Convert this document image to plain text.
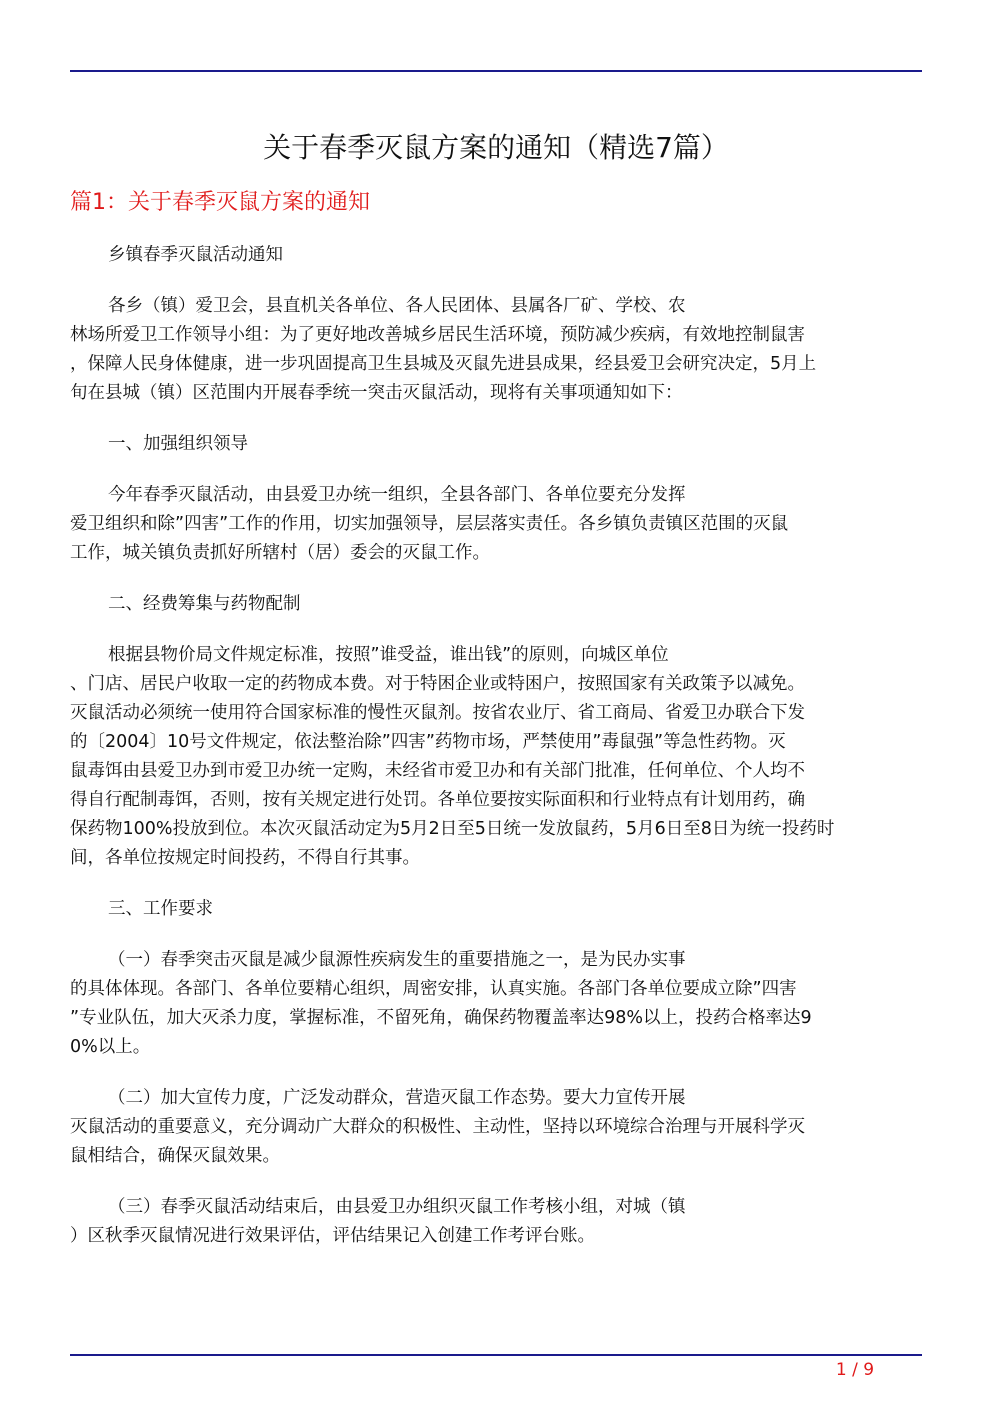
关于春季灭鼠方案的通知（精选7篇）
篇1：关于春季灭鼠方案的通知

乡镇春季灭鼠活动通知

各乡（镇）爱卫会，县直机关各单位、各人民团体、县属各厂矿、学校、农
林场所爱卫工作领导小组：为了更好地改善城乡居民生活环境，预防减少疾病，有效地控制鼠害
，保障人民身体健康，进一步巩固提高卫生县城及灭鼠先进县成果，经县爱卫会研究决定，5月上
旬在县城（镇）区范围内开展春季统一突击灭鼠活动，现将有关事项通知如下：

一、加强组织领导

今年春季灭鼠活动，由县爱卫办统一组织，全县各部门、各单位要充分发挥
爱卫组织和除”四害”工作的作用，切实加强领导，层层落实责任。各乡镇负责镇区范围的灭鼠
工作，城关镇负责抓好所辖村（居）委会的灭鼠工作。

二、经费筹集与药物配制

根据县物价局文件规定标准，按照”谁受益，谁出钱”的原则，向城区单位
、门店、居民户收取一定的药物成本费。对于特困企业或特困户，按照国家有关政策予以减免。
灭鼠活动必须统一使用符合国家标准的慢性灭鼠剂。按省农业厅、省工商局、省爱卫办联合下发
的〔2004〕10号文件规定，依法整治除”四害”药物市场，严禁使用”毒鼠强”等急性药物。灭
鼠毒饵由县爱卫办到市爱卫办统一定购，未经省市爱卫办和有关部门批准，任何单位、个人均不
得自行配制毒饵，否则，按有关规定进行处罚。各单位要按实际面积和行业特点有计划用药，确
保药物100%投放到位。本次灭鼠活动定为5月2日至5日统一发放鼠药，5月6日至8日为统一投药时
间，各单位按规定时间投药，不得自行其事。

三、工作要求

（一）春季突击灭鼠是减少鼠源性疾病发生的重要措施之一，是为民办实事
的具体体现。各部门、各单位要精心组织，周密安排，认真实施。各部门各单位要成立除”四害
”专业队伍，加大灭杀力度，掌握标准，不留死角，确保药物覆盖率达98%以上，投药合格率达9
0%以上。

（二）加大宣传力度，广泛发动群众，营造灭鼠工作态势。要大力宣传开展
灭鼠活动的重要意义，充分调动广大群众的积极性、主动性，坚持以环境综合治理与开展科学灭
鼠相结合，确保灭鼠效果。

（三）春季灭鼠活动结束后，由县爱卫办组织灭鼠工作考核小组，对城（镇
）区秋季灭鼠情况进行效果评估，评估结果记入创建工作考评台账。

1 / 9
